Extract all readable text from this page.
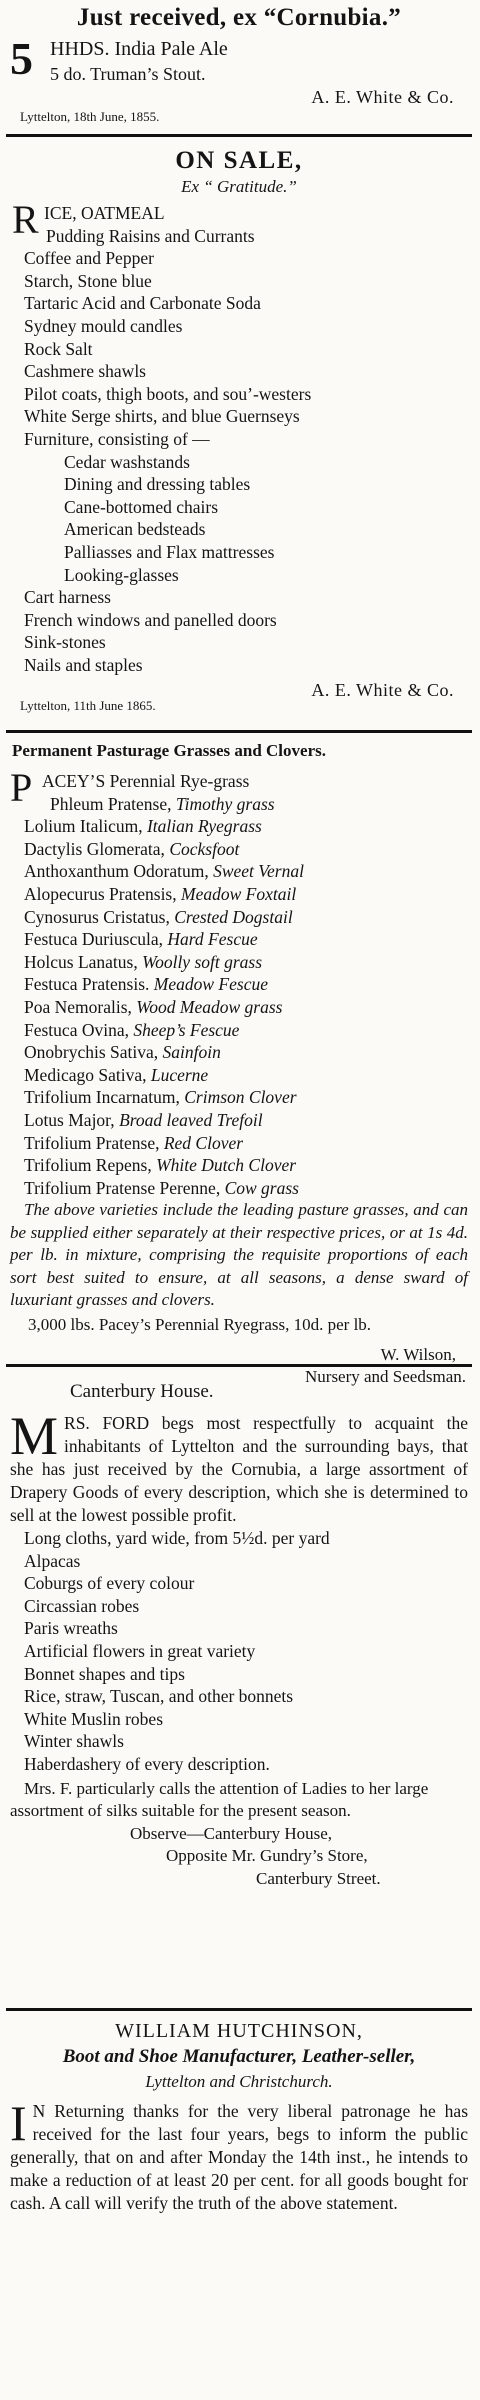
Just received, ex “Cornubia.”
5 HHDS. India Pale Ale
5 do. Truman’s Stout.
A. E. White & Co.
Lyttelton, 18th June, 1855.
ON SALE,
Ex “ Gratitude.”
R ICE, OATMEAL
Pudding Raisins and Currants
Coffee and Pepper
Starch, Stone blue
Tartaric Acid and Carbonate Soda
Sydney mould candles
Rock Salt
Cashmere shawls
Pilot coats, thigh boots, and sou’-westers
White Serge shirts, and blue Guernseys
Furniture, consisting of —
Cedar washstands
Dining and dressing tables
Cane-bottomed chairs
American bedsteads
Palliasses and Flax mattresses
Looking-glasses
Cart harness
French windows and panelled doors
Sink-stones
Nails and staples
A. E. White & Co.
Lyttelton, 11th June 1865.
Permanent Pasturage Grasses and Clovers.
P ACEY’S Perennial Rye-grass
Phleum Pratense, Timothy grass
Lolium Italicum, Italian Ryegrass
Dactylis Glomerata, Cocksfoot
Anthoxanthum Odoratum, Sweet Vernal
Alopecurus Pratensis, Meadow Foxtail
Cynosurus Cristatus, Crested Dogstail
Festuca Duriuscula, Hard Fescue
Holcus Lanatus, Woolly soft grass
Festuca Pratensis. Meadow Fescue
Poa Nemoralis, Wood Meadow grass
Festuca Ovina, Sheep’s Fescue
Onobrychis Sativa, Sainfoin
Medicago Sativa, Lucerne
Trifolium Incarnatum, Crimson Clover
Lotus Major, Broad leaved Trefoil
Trifolium Pratense, Red Clover
Trifolium Repens, White Dutch Clover
Trifolium Pratense Perenne, Cow grass
The above varieties include the leading pasture grasses, and can be supplied either separately at their respective prices, or at 1s 4d. per lb. in mixture, comprising the requisite proportions of each sort best suited to ensure, at all seasons, a dense sward of luxuriant grasses and clovers.
3,000 lbs. Pacey’s Perennial Ryegrass, 10d. per lb.
W. Wilson,
Nursery and Seedsman.
Canterbury House.
M RS. FORD begs most respectfully to acquaint the inhabitants of Lyttelton and the surrounding bays, that she has just received by the Cornubia, a large assortment of Drapery Goods of every description, which she is determined to sell at the lowest possible profit.
Long cloths, yard wide, from 5½d. per yard
Alpacas
Coburgs of every colour
Circassian robes
Paris wreaths
Artificial flowers in great variety
Bonnet shapes and tips
Rice, straw, Tuscan, and other bonnets
White Muslin robes
Winter shawls
Haberdashery of every description.
Mrs. F. particularly calls the attention of Ladies to her large assortment of silks suitable for the present season.
Observe—Canterbury House,
Opposite Mr. Gundry’s Store,
Canterbury Street.
WILLIAM HUTCHINSON,
Boot and Shoe Manufacturer, Leather-seller,
Lyttelton and Christchurch.
I N Returning thanks for the very liberal patronage he has received for the last four years, begs to inform the public generally, that on and after Monday the 14th inst., he intends to make a reduction of at least 20 per cent. for all goods bought for cash. A call will verify the truth of the above statement.
